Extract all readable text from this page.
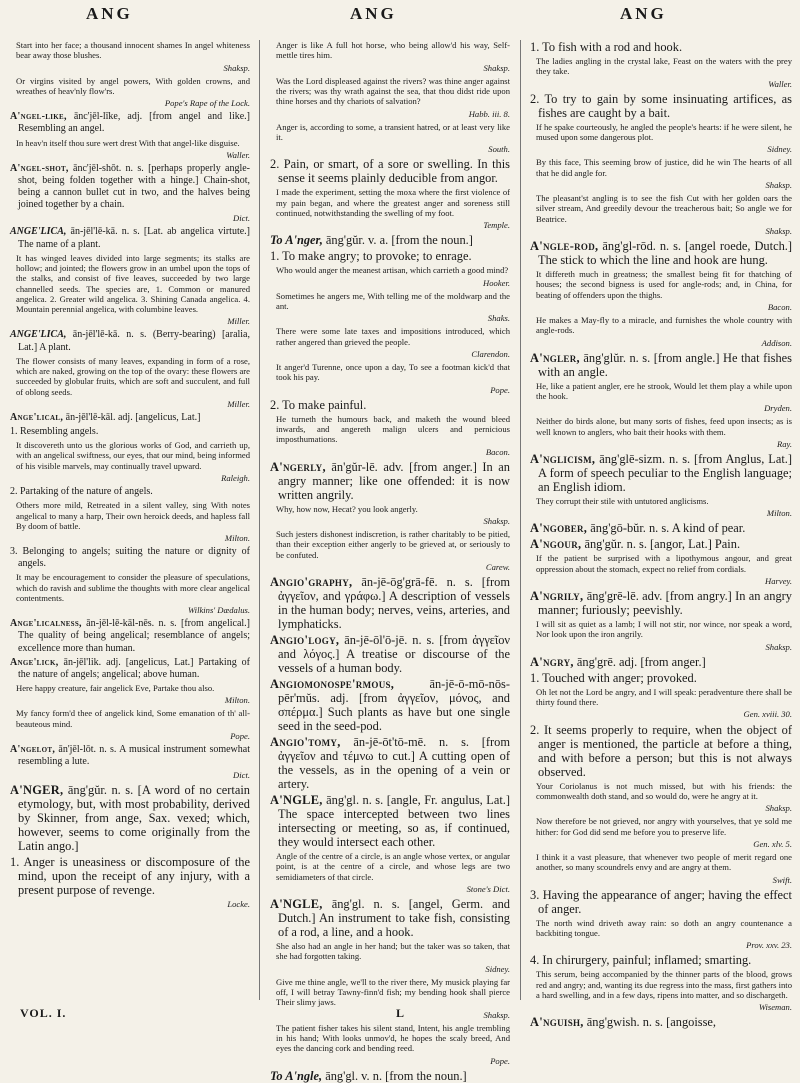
ANG	ANG	ANG
Start into her face; a thousand innocent shames In angel whiteness bear away those blushes.
Shaksp.
Or virgins visited by angel powers, With golden crowns, and wreathes of heav'nly flow'rs.
Pope's Rape of the Lock.
A'ngel-like, ānc'jēl-līke, adj. [from angel and like.] Resembling an angel.
In heav'n itself thou sure wert drest With that angel-like disguise.
Waller.
A'ngel-shot, ānc'jēl-shōt. n. s. [perhaps properly angle-shot, being folden together with a hinge.] Chain-shot, being a cannon bullet cut in two, and the halves being joined together by a chain.
Dict.
ANGE'LICA, ān-jēl'lē-kā. n. s. [Lat. ab angelica virtute.] The name of a plant.
It has winged leaves divided into large segments; its stalks are hollow; and jointed; the flowers grow in an umbel upon the tops of the stalks, and consist of five leaves, succeeded by two large channelled seeds. The species are, 1. Common or manured angelica. 2. Greater wild angelica. 3. Shining Canada angelica. 4. Mountain perennial angelica, with columbine leaves.
Miller.
ANGE'LICA, ān-jēl'lē-kā. n. s. (Berry-bearing) [aralia, Lat.] A plant.
The flower consists of many leaves, expanding in form of a rose, which are naked, growing on the top of the ovary: these flowers are succeeded by globular fruits, which are soft and succulent, and full of oblong seeds.
Miller.
Ange'lical, ān-jēl'lē-kāl. adj. [angelicus, Lat.]
1. Resembling angels.
It discovereth unto us the glorious works of God, and carrieth up, with an angelical swiftness, our eyes, that our mind, being informed of his visible marvels, may continually travel upward.
Raleigh.
2. Partaking of the nature of angels.
Others more mild, Retreated in a silent valley, sing With notes angelical to many a harp, Their own heroick deeds, and hapless fall By doom of battle.
Milton.
3. Belonging to angels; suiting the nature or dignity of angels.
It may be encouragement to consider the pleasure of speculations, which do ravish and sublime the thoughts with more clear angelical contentments.
Wilkins' Dædalus.
Ange'licalness, ān-jēl-lē-kāl-nēs. n. s. [from angelical.] The quality of being angelical; resemblance of angels; excellence more than human.
Ange'lick, ān-jēl'lik. adj. [angelicus, Lat.] Partaking of the nature of angels; angelical; above human.
Here happy creature, fair angelick Eve, Partake thou also.
Milton.
My fancy form'd thee of angelick kind, Some emanation of th' all-beauteous mind.
Pope.
A'ngelot, ān'jēl-lōt. n. s. A musical instrument somewhat resembling a lute.
Dict.
A'NGER, āng'gŭr. n. s. [A word of no certain etymology, but, with most probability, derived by Skinner, from ange, Sax. vexed; which, however, seems to come originally from the Latin ango.]
1. Anger is uneasiness or discomposure of the mind, upon the receipt of any injury, with a present purpose of revenge.
Locke.
Anger is like A full hot horse, who being allow'd his way, Self-mettle tires him.
Shaksp.
Was the Lord displeased against the rivers? was thine anger against the rivers; was thy wrath against the sea, that thou didst ride upon thine horses and thy chariots of salvation?
Habb. iii. 8.
Anger is, according to some, a transient hatred, or at least very like it.
South.
2. Pain, or smart, of a sore or swelling. In this sense it seems plainly deducible from angor.
I made the experiment, setting the moxa where the first violence of my pain began, and where the greatest anger and soreness still continued, notwithstanding the swelling of my foot.
Temple.
To A'nger, āng'gŭr. v. a. [from the noun.]
1. To make angry; to provoke; to enrage.
Who would anger the meanest artisan, which carrieth a good mind?
Hooker.
Sometimes he angers me, With telling me of the moldwarp and the ant.
Shaks.
There were some late taxes and impositions introduced, which rather angered than grieved the people.
Clarendon.
It anger'd Turenne, once upon a day, To see a footman kick'd that took his pay.
Pope.
2. To make painful.
He turneth the humours back, and maketh the wound bleed inwards, and angereth malign ulcers and pernicious imposthumations.
Bacon.
A'ngerly, ān'gŭr-lē. adv. [from anger.] In an angry manner; like one offended: it is now written angrily.
Why, how now, Hecat? you look angerly.
Shaksp.
Such jesters dishonest indiscretion, is rather charitably to be pitied, than their exception either angerly to be grieved at, or seriously to be confuted.
Carew.
Angio'graphy, ān-jē-ōg'grā-fē. n. s. [from ἀγγεῖον, and γράφω.] A description of vessels in the human body; nerves, veins, arteries, and lymphaticks.
Angio'logy, ān-jē-ōl'ō-jē. n. s. [from ἀγγεῖον and λόγος.] A treatise or discourse of the vessels of a human body.
Angiomonospe'rmous, ān-jē-ō-mō-nōs-pēr'mŭs. adj. [from ἀγγεῖον, μόνος, and σπέρμα.] Such plants as have but one single seed in the seed-pod.
Angio'tomy, ān-jē-ōt'tō-mē. n. s. [from ἀγγεῖον and τέμνω to cut.] A cutting open of the vessels, as in the opening of a vein or artery.
A'NGLE, āng'gl. n. s. [angle, Fr. angulus, Lat.] The space intercepted between two lines intersecting or meeting, so as, if continued, they would intersect each other.
Angle of the centre of a circle, is an angle whose vertex, or angular point, is at the centre of a circle, and whose legs are two semidiameters of that circle.
Stone's Dict.
A'NGLE, āng'gl. n. s. [angel, Germ. and Dutch.] An instrument to take fish, consisting of a rod, a line, and a hook.
She also had an angle in her hand; but the taker was so taken, that she had forgotten taking.
Sidney.
Give me thine angle, we'll to the river there, My musick playing far off, I will betray Tawny-finn'd fish; my bending hook shall pierce Their slimy jaws.
Shaksp.
The patient fisher takes his silent stand, Intent, his angle trembling in his hand; With looks unmov'd, he hopes the scaly breed, And eyes the dancing cork and bending reed.
Pope.
To A'ngle, āng'gl. v. n. [from the noun.]
1. To fish with a rod and hook.
The ladies angling in the crystal lake, Feast on the waters with the prey they take.
Waller.
2. To try to gain by some insinuating artifices, as fishes are caught by a bait.
If he spake courteously, he angled the people's hearts: if he were silent, he mused upon some dangerous plot.
Sidney.
By this face, This seeming brow of justice, did he win The hearts of all that he did angle for.
Shaksp.
The pleasant'st angling is to see the fish Cut with her golden oars the silver stream, And greedily devour the treacherous bait; So angle we for Beatrice.
Shaksp.
A'ngle-rod, āng'gl-rōd. n. s. [angel roede, Dutch.] The stick to which the line and hook are hung.
It differeth much in greatness; the smallest being fit for thatching of houses; the second bigness is used for angle-rods; and, in China, for beating of offenders upon the thighs.
Bacon.
He makes a May-fly to a miracle, and furnishes the whole country with angle-rods.
Addison.
A'ngler, āng'glŭr. n. s. [from angle.] He that fishes with an angle.
He, like a patient angler, ere he strook, Would let them play a while upon the hook.
Dryden.
Neither do birds alone, but many sorts of fishes, feed upon insects; as is well known to anglers, who bait their hooks with them.
Ray.
A'nglicism, āng'glē-sizm. n. s. [from Anglus, Lat.] A form of speech peculiar to the English language; an English idiom.
They corrupt their stile with untutored anglicisms.
Milton.
A'ngober, āng'gō-bŭr. n. s. A kind of pear.
A'ngour, āng'gŭr. n. s. [angor, Lat.] Pain.
If the patient be surprised with a lipothymous angour, and great oppression about the stomach, expect no relief from cordials.
Harvey.
A'ngrily, āng'grē-lē. adv. [from angry.] In an angry manner; furiously; peevishly.
I will sit as quiet as a lamb; I will not stir, nor wince, nor speak a word, Nor look upon the iron angrily.
Shaksp.
A'ngry, āng'grē. adj. [from anger.]
1. Touched with anger; provoked.
Oh let not the Lord be angry, and I will speak: peradventure there shall be thirty found there.
Gen. xviii. 30.
2. It seems properly to require, when the object of anger is mentioned, the particle at before a thing, and with before a person; but this is not always observed.
Your Coriolanus is not much missed, but with his friends: the commonwealth doth stand, and so would do, were he angry at it.
Shaksp.
Now therefore be not grieved, nor angry with yourselves, that ye sold me hither: for God did send me before you to preserve life.
Gen. xlv. 5.
I think it a vast pleasure, that whenever two people of merit regard one another, so many scoundrels envy and are angry at them.
Swift.
3. Having the appearance of anger; having the effect of anger.
The north wind driveth away rain: so doth an angry countenance a backbiting tongue.
Prov. xxv. 23.
4. In chirurgery, painful; inflamed; smarting.
This serum, being accompanied by the thinner parts of the blood, grows red and angry; and, wanting its due regress into the mass, first gathers into a hard swelling, and in a few days, ripens into matter, and so dischargeth.
Wiseman.
A'nguish, āng'gwish. n. s. [angoisse,
VOL. I.	L
